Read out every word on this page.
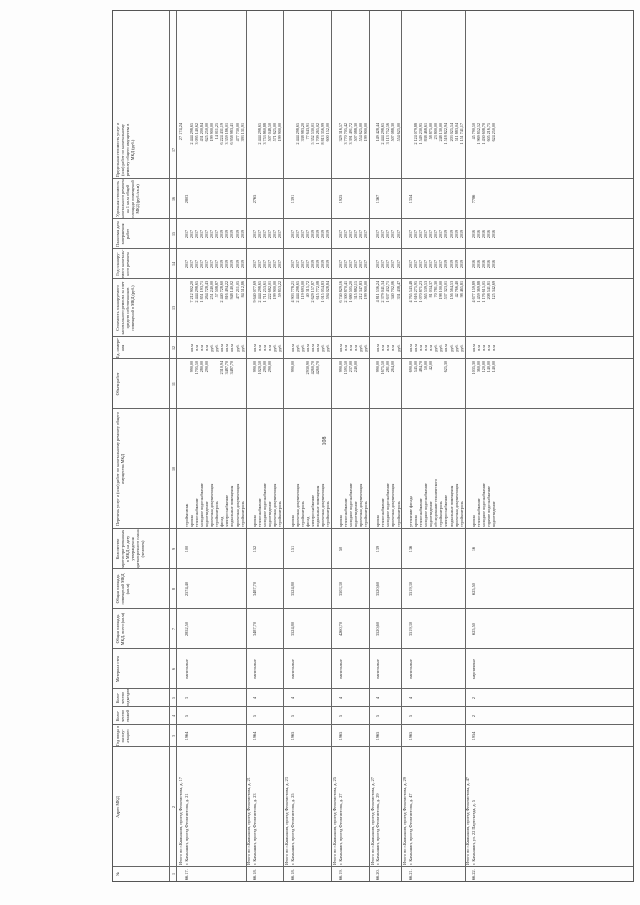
108
№
Адрес МКД
Год ввода в эксплу-атацию
Коли-чество этажей
Коли-чество подъездов
Материал стен
Общая площадь МКД, всего (кв.м)
Общая площадь помещений МКД (кв.м)
Количество зарегистри-рованных в МКД на дату утверждения краткосрочного плана (человек)
Перечень услуг и (или) работ по капитальному ремонту общего имущества МКД
Объем работ
Ед. измере-ния
Стоимость планируемого капитального ремонта за счет средств собственников помещений в МКД (руб.)
Год планиру-емого капиталь-ного ремонта
Плановая дата завершения работ
Удельная стоимость капитального ремонта на 1 кв.м общей площади помещений МКД (руб./кв.м)
Предельная стоимость услуг и (или) работ по капитальному ремонту общего имущества в МКД (руб.)
1
2
3
4
5
6
7
8
9
10
11
12
13
14
15
16
17
Итого по г.Камышин, проезд Феоктистова, д. 17
27 174,24
66.17.
г. Камышин, проезд Феоктистова, д. 21
1964
5
3
панельные
2852,50
2574,40
100
строймонтаж
кровля
теплоснабжение
холодное водоснабжение
водоотведение
проектная документация
стройконтроль
фасад
электроснабжение
подвальные помещения
проектная документация
стройконтроль

990,00
1705,50
280,00
290,00

2310,94
3487,70
3487,70

кв.м
п.м
п.м
п.м
руб.
руб.
кв.м
кв.м
кв.м
руб.
руб.

7 212 902,20
2 444 298,65
1 851 193,71
264 728,43
251 240,00
57 508,87
2 440 728,60
816 494,22
948 140,02
477 211,05
84 512,86
2017
2017
2017
2017
2017
2017
2017
2019
2019
2019
2019
2019
2017
2017
2017
2017
2017
2017
2017
2019
2019
2019
2019
2019
2803

2 444 298,65
3 095 140,62
431 200,84
625 250,00
199 900,00
14 011,25
6 224 431,19
3 359 186,01
6 958 983,41
477 730,00
393 131,91
Итого по г.Камышин, проезд Феоктистова, д. 21
66.18.
г. Камышин, проезд Феоктистова, д. 23
1964
5
4
панельные
3487,70
3487,70
152
кровля
теплоснабжение
холодное водоснабжение
водоотведение
проектная документация
стройконтроль
990,00
1020,50
290,00
290,00

кв.м
п.м
п.м
п.м
руб.
руб.
9 640 077,69
2 444 298,65
1 711 253,61
222 682,01
199 900,00
59 853,22
2017
2017
2017
2017
2017
2017
2017
2017
2017
2017
2017
2017
2765

2 444 298,65
3 753 860,88
507 048,50
571 625,00
199 900,00
Итого по г.Камышин, проезд Феоктистова, д. 23
66.18.
г. Камышин, проезд Феоктистова, д. 25
1965
5
4
панельные
3524,80
3524,80
151
кровля
проектная документация
стройконтроль
фасад
электроснабжение
подвальные помещения
проектная документация
стройконтроль
990,00

2930,90
4260,70
4260,70

кв.м
руб.
руб.
кв.м
кв.м
кв.м
руб.
руб.
4 903 778,21
2 444 298,65
119 693,00
40 315,72
2 629 157,87
615 772,08
1 015 054,83
594 028,84
2017
2017
2017
2017
2019
2019
2019
2019
2017
2017
2017
2017
2019
2019
2019
2019
1391

2 444 298,65
338 983,20
77 643,91
5 352 530,01
1 709 265,02
8 813 356,99
600 152,00
Итого по г.Камышин, проезд Феоктистова, д. 25
66.19.
г. Камышин, проезд Феоктистова, д. 27
1965
5
4
панельные
4260,70
3503,30
50
кровля
теплоснабжение
холодное водоснабжение
водоотведение
проектная документация
стройконтроль
990,00
1595,50
237,00
240,00

кв.м
п.м
п.м
п.м
руб.
руб.
6 740 829,16
2 300 870,41
1 680 505,20
315 882,15
212 347,83
199 900,00
2017
2017
2017
2017
2017
2017
2017
2017
2017
2017
2017
2017
1925
329 316,57
3 770 705,42
3 391 491,72
507 088,30
554 625,00
199 900,00
Итого по г.Камышин, проезд Феоктистова, д. 27
66.20.
г. Камышин, проезд Феоктистова, д. 29
1965
5
4
панельные
3520,60
3520,60
139
кровля
теплоснабжение
холодное водоснабжение
проектная документация
стройконтроль
990,00
1675,50
281,00
264,00

кв.м
п.м
п.м
п.м
руб.
4 811 536,24
2 379 041,34
1 637 432,71
340 702,06
331 438,47
2017
2017
2017
2017
2017
2017
2017
2017
2017
2017
1367
149 428,44
2 444 298,65
3 113 752,56
507 088,30
554 625,00
Итого по г.Камышин, проезд Феоктистова, д. 29
66.21.
г. Камышин, проезд Феоктистова, д. 47
1965
5
4
панельные
3519,30
3519,30
136
утепление фасада
кровля
теплоснабжение
холодное водоснабжение
водоотведение
обследование технического
стройконтроль
электроснабжение
подвальные помещения
проектная документация
стройконтроль
690,00
545,00
484,70
50,00
42,00

625,30

кв.м
кв.м
п.м
п.м
п.м
руб.
руб.
кв.м
руб.
руб.
руб.
4 765 543,48
1 616 275,95
1 070 871,23
565 539,53
81 034,37
70 781,30
198 100,00
537 323,01
156 564,53
42 766,40
98 465,81
2017
2017
2017
2017
2017
2017
2017
2019
2019
2019
2019
2017
2017
2017
2017
2017
2017
2017
2019
2019
2019
2019
1354

2 124 079,88
1 549 230,95
838 468,61
58 875,00
23 800,00
248 130,00
1 518 822,94
203 025,54
511 883,04
1 151 741,17
Итого по г.Камышин, проезд Феоктистова, д. 47
66.22.
г. Камышин, ул. 22 Партсъезда, д. 5
1954
2
2
кирпичные
625,50
625,50
16
кровля
теплоснабжение
холодное водоснабжение
горячее водоснабжение
водоотведение
1035,30
360,00
120,00
140,00
140,00
кв.м
п.м
п.м
п.м
п.м
4 677 159,89
1 459 369,88
1 176 615,05
208 541,81
125 342,69
2016
2016
2016
2016
2016
2016
2016
2016
2016
2016
7786
45 790,50
1 969 852,52
1 430 608,70
605 216,75
624 250,00
